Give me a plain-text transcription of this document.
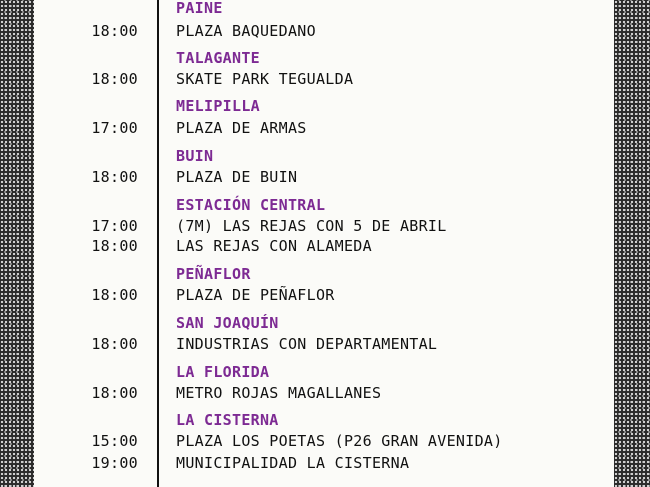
PAINE
18:00	PLAZA BAQUEDANO
TALAGANTE
18:00	SKATE PARK TEGUALDA
MELIPILLA
17:00	PLAZA DE ARMAS
BUIN
18:00	PLAZA DE BUIN
ESTACIÓN CENTRAL
17:00	(7M) LAS REJAS CON 5 DE ABRIL
18:00	LAS REJAS CON ALAMEDA
PEÑAFLOR
18:00	PLAZA DE PEÑAFLOR
SAN JOAQUÍN
18:00	INDUSTRIAS CON DEPARTAMENTAL
LA FLORIDA
18:00	METRO ROJAS MAGALLANES
LA CISTERNA
15:00	PLAZA LOS POETAS (P26 GRAN AVENIDA)
19:00	MUNICIPALIDAD LA CISTERNA
